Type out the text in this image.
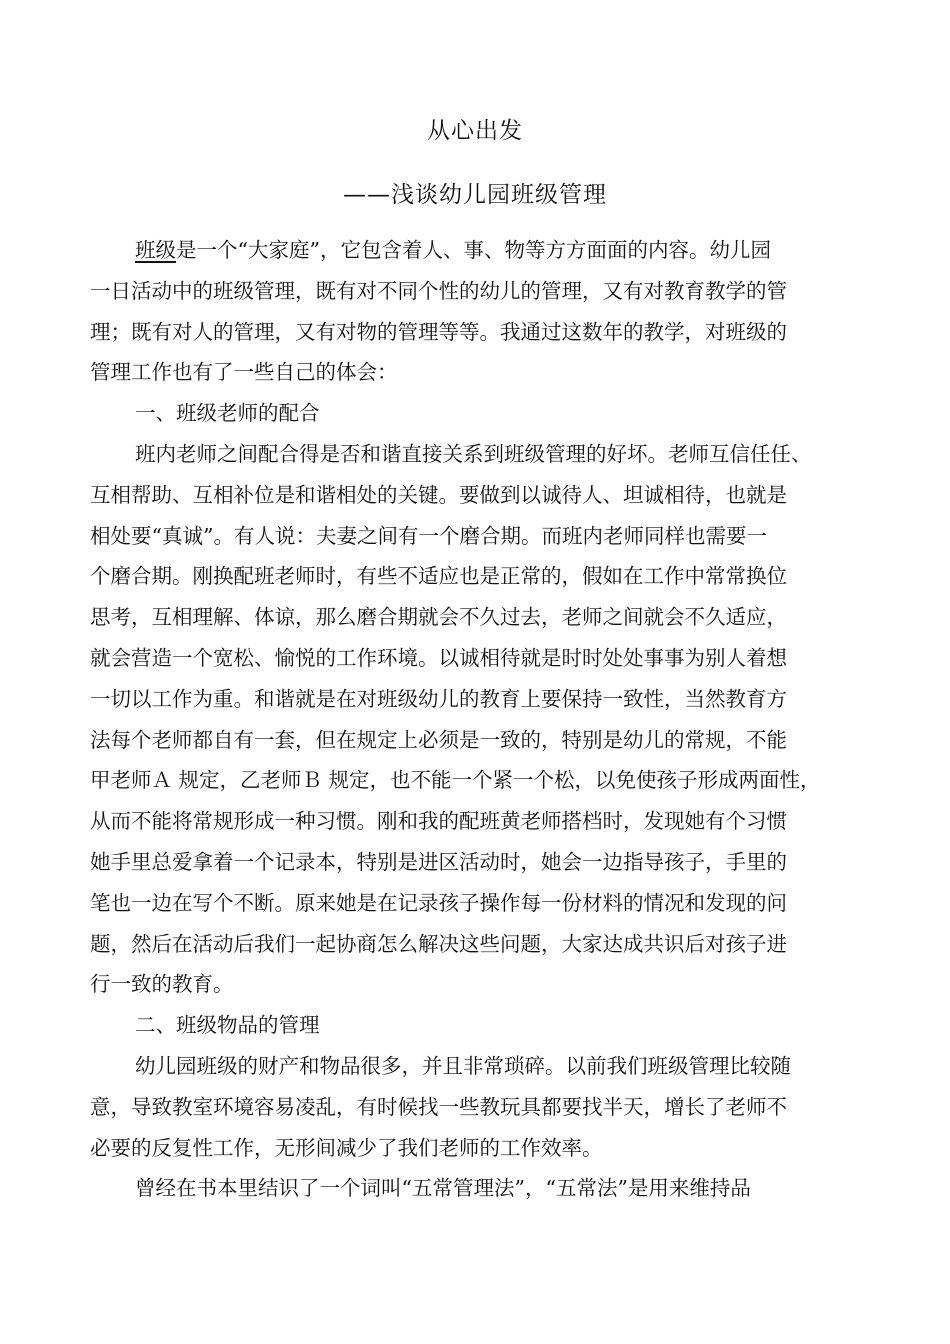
从心出发
——浅谈幼儿园班级管理
班级是一个“大家庭”，它包含着人、事、物等方方面面的内容。幼儿园
一日活动中的班级管理，既有对不同个性的幼儿的管理，又有对教育教学的管
理；既有对人的管理，又有对物的管理等等。我通过这数年的教学，对班级的
管理工作也有了一些自己的体会：
一、班级老师的配合
班内老师之间配合得是否和谐直接关系到班级管理的好坏。老师互信任任、
互相帮助、互相补位是和谐相处的关键。要做到以诚待人、坦诚相待，也就是
相处要“真诚”。有人说：夫妻之间有一个磨合期。而班内老师同样也需要一
个磨合期。刚换配班老师时，有些不适应也是正常的，假如在工作中常常换位
思考，互相理解、体谅，那么磨合期就会不久过去，老师之间就会不久适应，
就会营造一个宽松、愉悦的工作环境。以诚相待就是时时处处事事为别人着想
一切以工作为重。和谐就是在对班级幼儿的教育上要保持一致性，当然教育方
法每个老师都自有一套，但在规定上必须是一致的，特别是幼儿的常规，不能
甲老师Ａ 规定，乙老师Ｂ 规定，也不能一个紧一个松，以免使孩子形成两面性，
从而不能将常规形成一种习惯。刚和我的配班黄老师搭档时，发现她有个习惯
她手里总爱拿着一个记录本，特别是进区活动时，她会一边指导孩子，手里的
笔也一边在写个不断。原来她是在记录孩子操作每一份材料的情况和发现的问
题，然后在活动后我们一起协商怎么解决这些问题，大家达成共识后对孩子进
行一致的教育。
二、班级物品的管理
幼儿园班级的财产和物品很多，并且非常琐碎。以前我们班级管理比较随
意，导致教室环境容易凌乱，有时候找一些教玩具都要找半天，增长了老师不
必要的反复性工作，无形间减少了我们老师的工作效率。
曾经在书本里结识了一个词叫“五常管理法”，“五常法”是用来维持品
